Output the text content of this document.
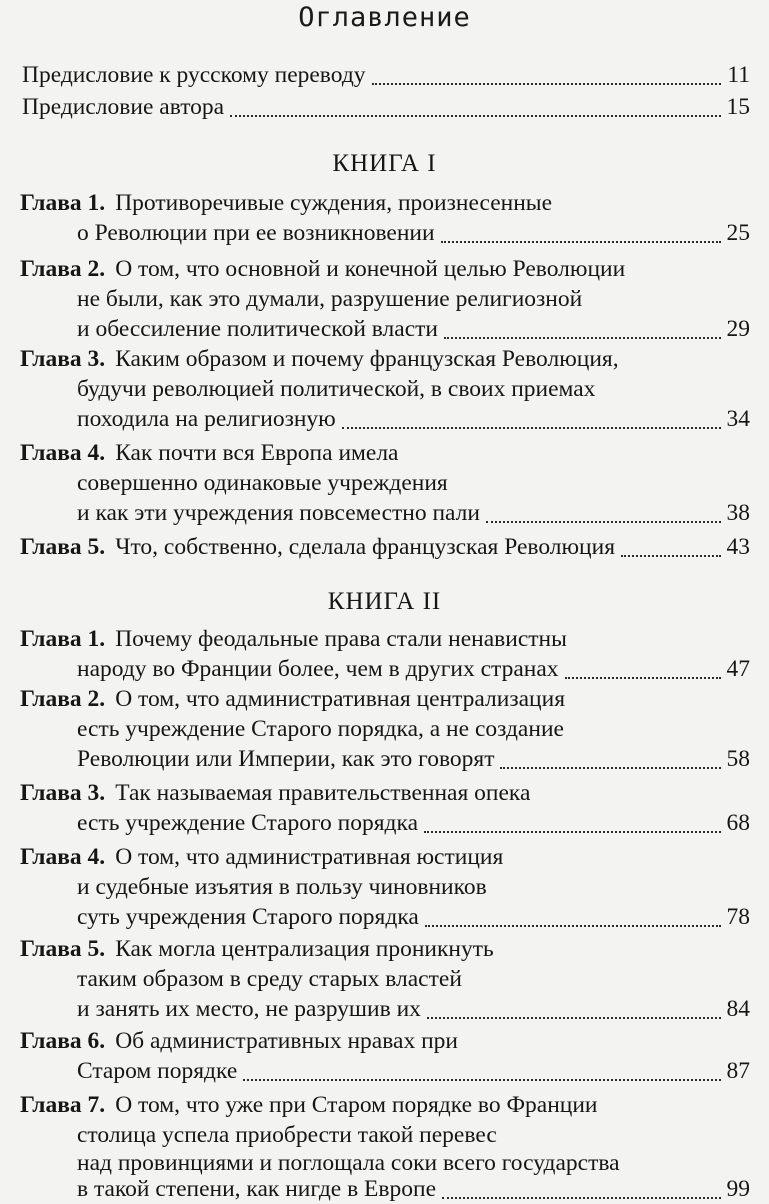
Оглавление
Предисловие к русскому переводу	11
Предисловие автора	15
КНИГА I
Глава 1. Противоречивые суждения, произнесенные
о Революции при ее возникновении	25
Глава 2. О том, что основной и конечной целью Революции
не были, как это думали, разрушение религиозной
и обессиление политической власти	29
Глава 3. Каким образом и почему французская Революция,
будучи революцией политической, в своих приемах
походила на религиозную	34
Глава 4. Как почти вся Европа имела
совершенно одинаковые учреждения
и как эти учреждения повсеместно пали	38
Глава 5. Что, собственно, сделала французская Революция	43
КНИГА II
Глава 1. Почему феодальные права стали ненавистны
народу во Франции более, чем в других странах	47
Глава 2. О том, что административная централизация
есть учреждение Старого порядка, а не создание
Революции или Империи, как это говорят	58
Глава 3. Так называемая правительственная опека
есть учреждение Старого порядка	68
Глава 4. О том, что административная юстиция
и судебные изъятия в пользу чиновников
суть учреждения Старого порядка	78
Глава 5. Как могла централизация проникнуть
таким образом в среду старых властей
и занять их место, не разрушив их	84
Глава 6. Об административных нравах при
Старом порядке	87
Глава 7. О том, что уже при Старом порядке во Франции
столица успела приобрести такой перевес
над провинциями и поглощала соки всего государства
в такой степени, как нигде в Европе	99
